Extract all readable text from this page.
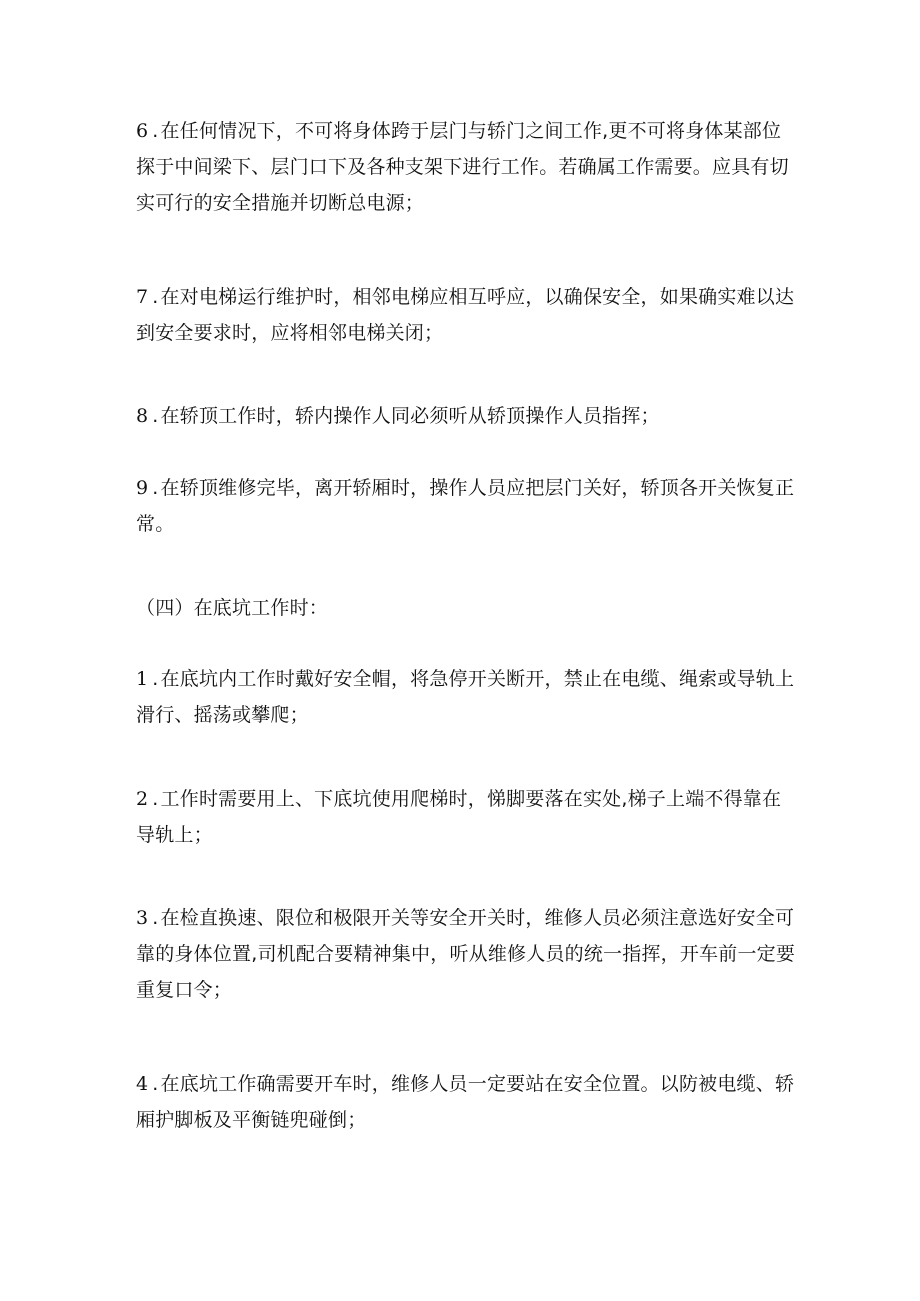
6 . 在任何情况下，不可将身体跨于层门与轿门之间工作,更不可将身体某部位探于中间梁下、层门口下及各种支架下进行工作。若确属工作需要。应具有切实可行的安全措施并切断总电源；

7 . 在对电梯运行维护时，相邻电梯应相互呼应，以确保安全，如果确实难以达到安全要求时，应将相邻电梯关闭；

8 . 在轿顶工作时，轿内操作人同必须听从轿顶操作人员指挥；

9 . 在轿顶维修完毕，离开轿厢时，操作人员应把层门关好，轿顶各开关恢复正常。

（四）在底坑工作时：

1 . 在底坑内工作时戴好安全帽，将急停开关断开，禁止在电缆、绳索或导轨上滑行、摇荡或攀爬；

2 . 工作时需要用上、下底坑使用爬梯时，悌脚要落在实处,梯子上端不得靠在导轨上；

3 . 在检直换速、限位和极限开关等安全开关时，维修人员必须注意选好安全可靠的身体位置,司机配合要精神集中，听从维修人员的统一指挥，开车前一定要重复口令；

4 . 在底坑工作确需要开车时，维修人员一定要站在安全位置。以防被电缆、轿厢护脚板及平衡链兜碰倒；
